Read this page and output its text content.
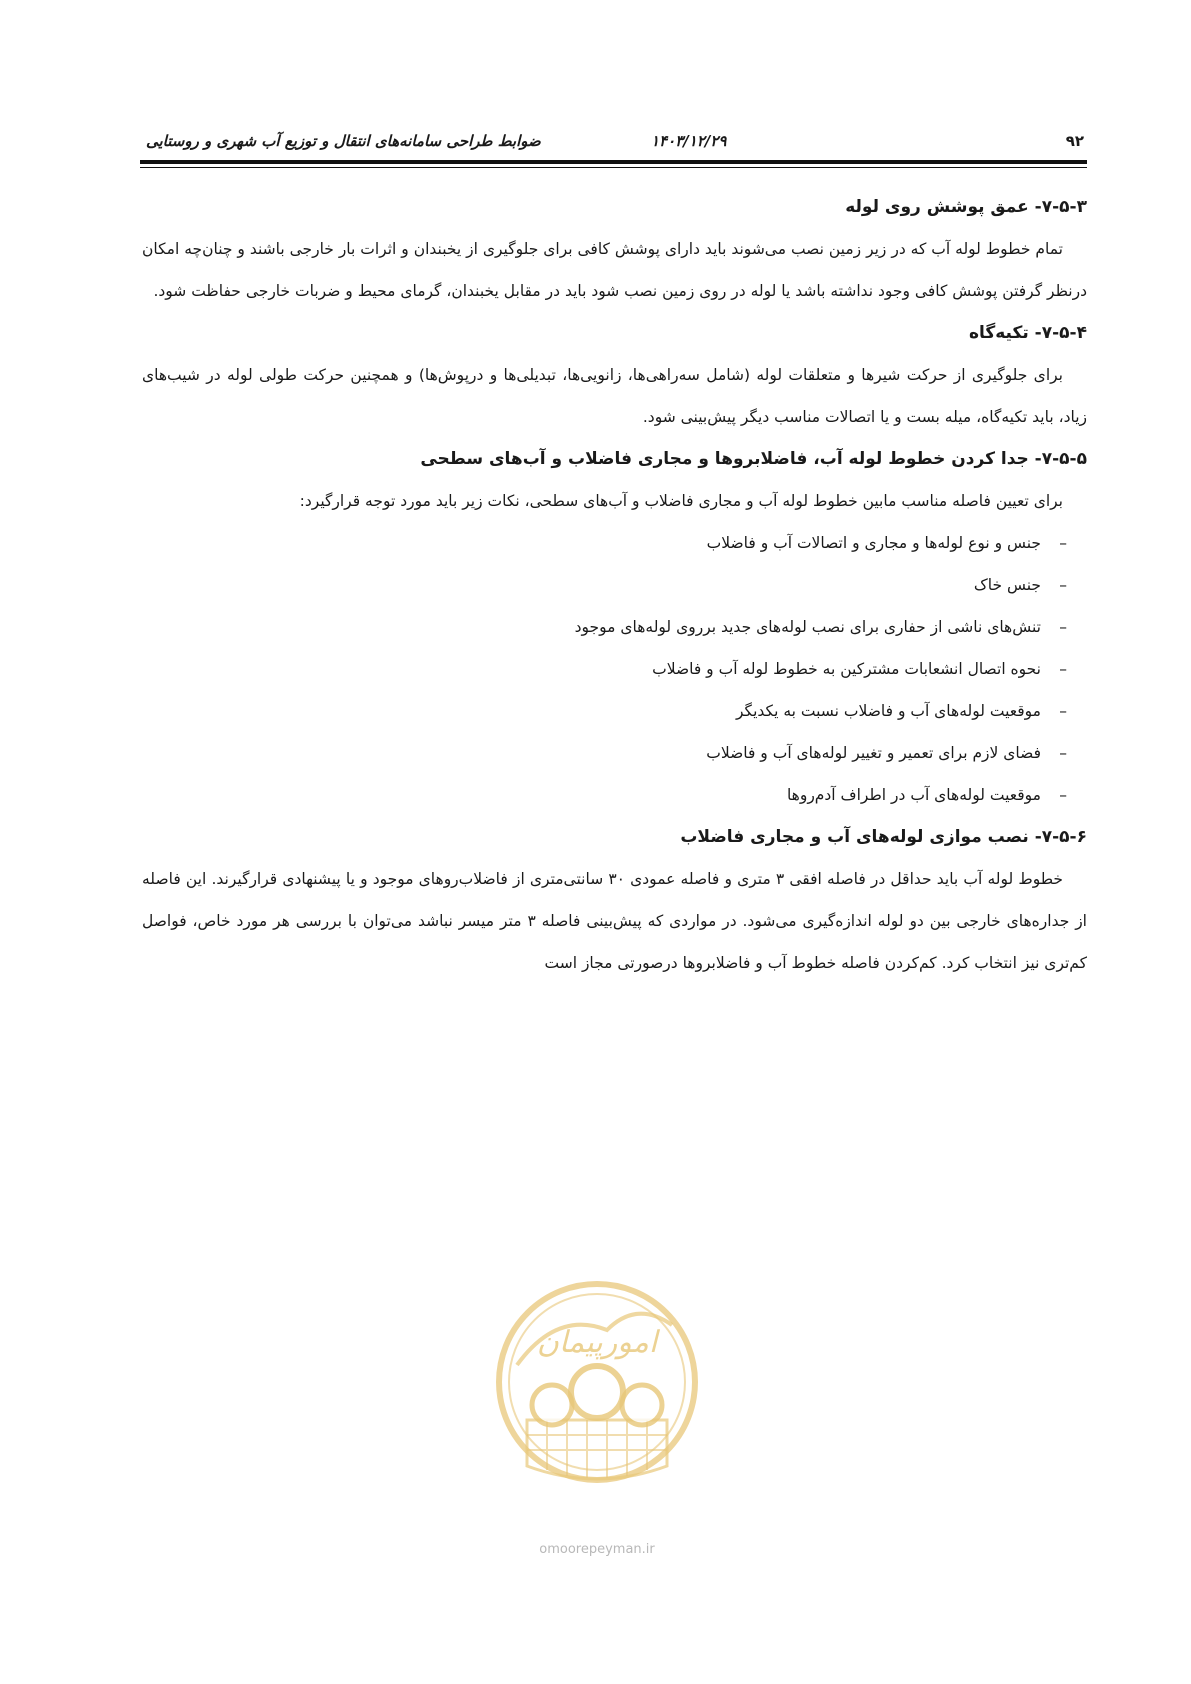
۹۲
۱۴۰۳/۱۲/۲۹
ضوابط طراحی سامانه‌های انتقال و توزیع آب شهری و روستایی
۷-۵-۳- عمق پوشش روی لوله

تمام خطوط لوله آب که در زیر زمین نصب می‌شوند باید دارای پوشش کافی برای جلوگیری از یخبندان و اثرات بار خارجی باشند و چنان‌چه امکان درنظر گرفتن پوشش کافی وجود نداشته باشد یا لوله در روی زمین نصب شود باید در مقابل یخبندان، گرمای محیط و ضربات خارجی حفاظت شود.

۷-۵-۴- تکیه‌گاه

برای جلوگیری از حرکت شیرها و متعلقات لوله (شامل سه‌راهی‌ها، زانویی‌ها، تبدیلی‌ها و درپوش‌ها) و همچنین حرکت طولی لوله در شیب‌های زیاد، باید تکیه‌گاه، میله بست و یا اتصالات مناسب دیگر پیش‌بینی شود.

۷-۵-۵- جدا کردن خطوط لوله آب، فاضلابروها و مجاری فاضلاب و آب‌های سطحی

برای تعیین فاصله مناسب مابین خطوط لوله آب و مجاری فاضلاب و آب‌های سطحی، نکات زیر باید مورد توجه قرارگیرد:

–جنس و نوع لوله‌ها و مجاری و اتصالات آب و فاضلاب
–جنس خاک
–تنش‌های ناشی از حفاری برای نصب لوله‌های جدید برروی لوله‌های موجود
–نحوه اتصال انشعابات مشترکین به خطوط لوله آب و فاضلاب
–موقعیت لوله‌های آب و فاضلاب نسبت به یکدیگر
–فضای لازم برای تعمیر و تغییر لوله‌های آب و فاضلاب
–موقعیت لوله‌های آب در اطراف آدم‌روها
۷-۵-۶- نصب موازی لوله‌های آب و مجاری فاضلاب

خطوط لوله آب باید حداقل در فاصله افقی ۳ متری و فاصله عمودی ۳۰ سانتی‌متری از فاضلاب‌روهای موجود و یا پیشنهادی قرارگیرند. این فاصله از جداره‌های خارجی بین دو لوله اندازه‌گیری می‌شود. در مواردی که پیش‌بینی فاصله ۳ متر میسر نباشد می‌توان با بررسی هر مورد خاص، فواصل کم‌تری نیز انتخاب کرد. کم‌کردن فاصله خطوط آب و فاضلابروها درصورتی مجاز است

امورپیمان
omoorepeyman.ir
